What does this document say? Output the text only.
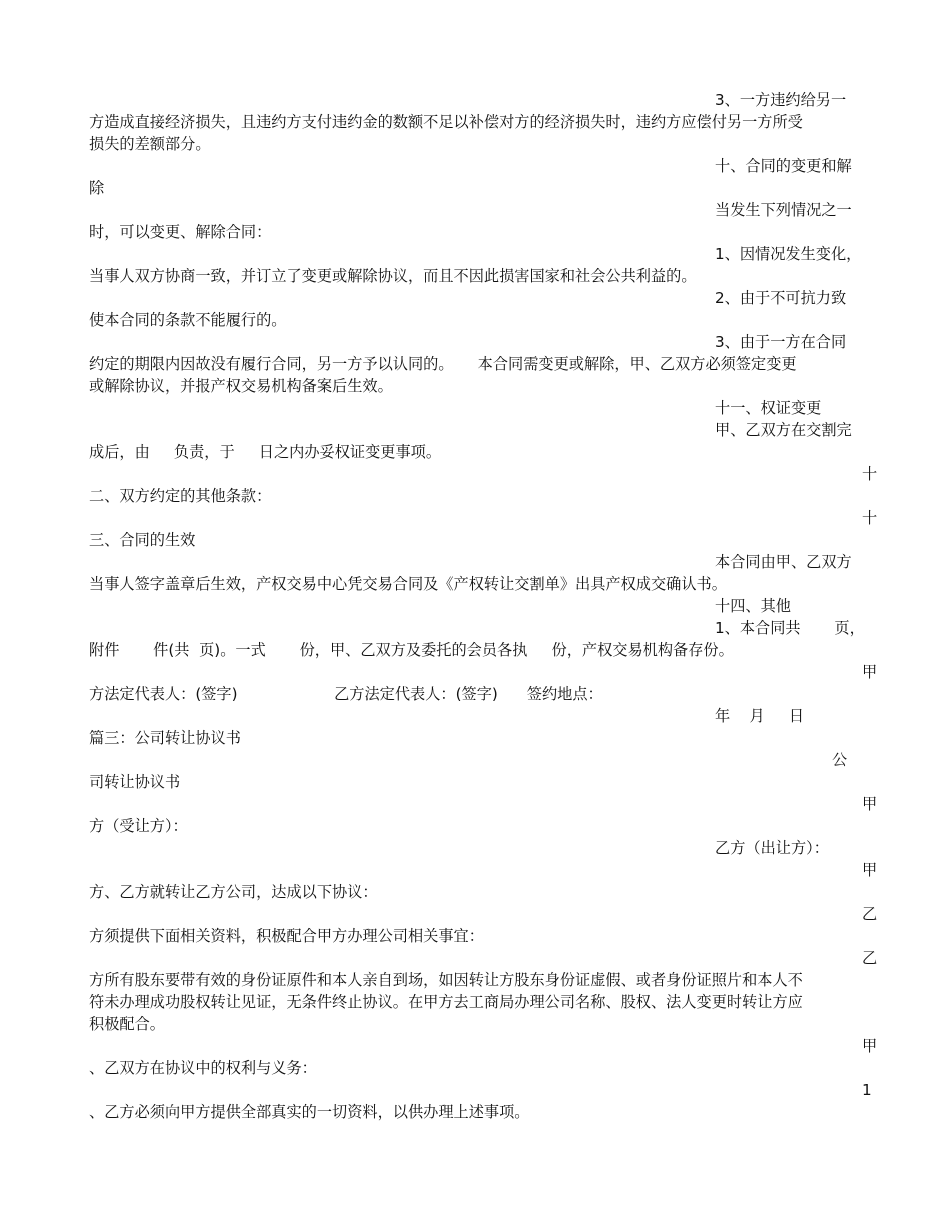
3、一方违约给另一
方造成直接经济损失，且违约方支付违约金的数额不足以补偿对方的经济损失时，违约方应偿付另一方所受
损失的差额部分。
十、合同的变更和解
除
当发生下列情况之一
时，可以变更、解除合同：
1、因情况发生变化，
当事人双方协商一致，并订立了变更或解除协议，而且不因此损害国家和社会公共利益的。
2、由于不可抗力致
使本合同的条款不能履行的。
3、由于一方在合同
约定的期限内因故没有履行合同，另一方予以认同的。     本合同需变更或解除，甲、乙双方必须签定变更
或解除协议，并报产权交易机构备案后生效。
十一、权证变更
甲、乙双方在交割完
成后，由     负责，于     日之内办妥权证变更事项。
十
二、双方约定的其他条款：
十
三、合同的生效
本合同由甲、乙双方
当事人签字盖章后生效，产权交易中心凭交易合同及《产权转让交割单》出具产权成交确认书。
十四、其他
1、本合同共       页，
附件       件(共  页)。一式       份，甲、乙双方及委托的会员各执     份，产权交易机构备存份。
甲
方法定代表人：(签字)                    乙方法定代表人：(签字)      签约地点：
年    月     日
篇三：公司转让协议书
公
司转让协议书
甲
方（受让方）：
乙方（出让方）：
甲
方、乙方就转让乙方公司，达成以下协议：
乙
方须提供下面相关资料，积极配合甲方办理公司相关事宜：
乙
方所有股东要带有效的身份证原件和本人亲自到场，如因转让方股东身份证虚假、或者身份证照片和本人不
符未办理成功股权转让见证，无条件终止协议。在甲方去工商局办理公司名称、股权、法人变更时转让方应
积极配合。
甲
、乙双方在协议中的权利与义务：
1
、乙方必须向甲方提供全部真实的一切资料，以供办理上述事项。
